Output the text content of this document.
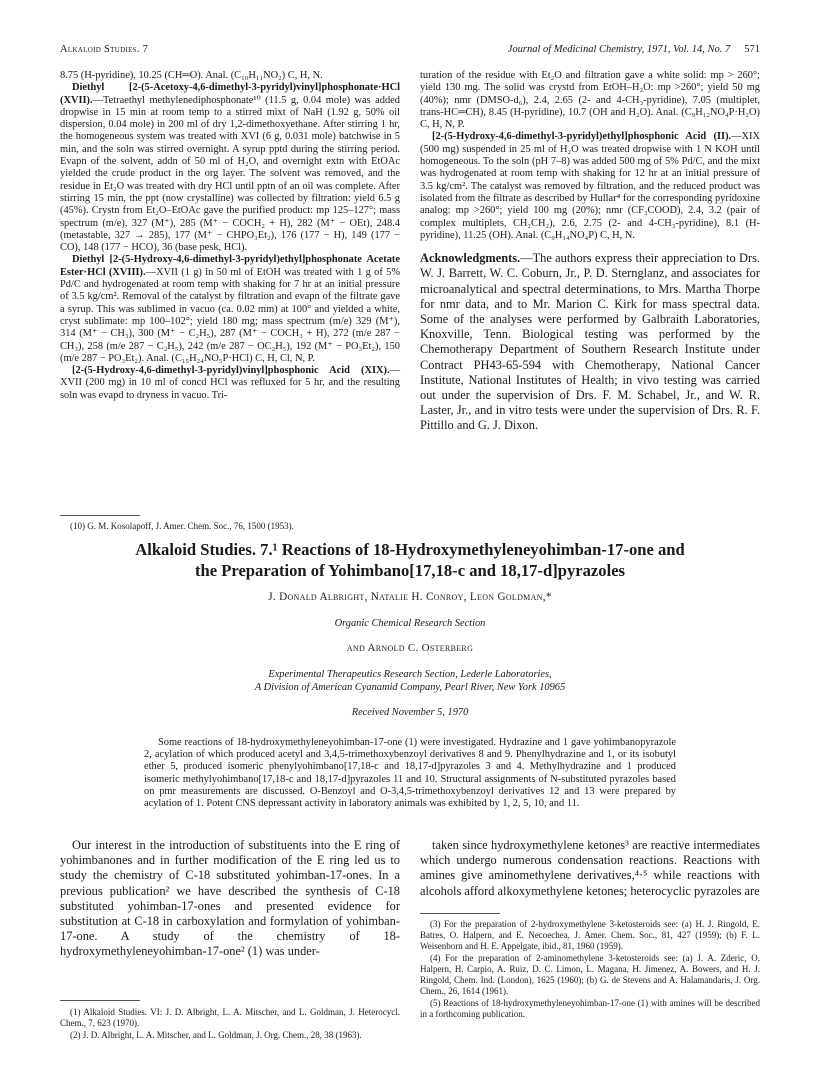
Alkaloid Studies. 7	Journal of Medicinal Chemistry, 1971, Vol. 14, No. 7 571

8.75 (H-pyridine), 10.25 (CH═O). Anal. (C₁₀H₁₁NO₂) C, H, N.

Diethyl [2-(5-Acetoxy-4,6-dimethyl-3-pyridyl)vinyl]phosphonate·HCl (XVII).—Tetraethyl methylenediphosphonate¹⁰ (11.5 g, 0.04 mole) was added dropwise in 15 min at room temp to a stirred mixt of NaH (1.92 g, 50% oil dispersion, 0.04 mole) in 200 ml of dry 1,2-dimethoxyethane. After stirring 1 hr, the homogeneous system was treated with XVI (6 g, 0.031 mole) batchwise in 5 min, and the soln was stirred overnight. A syrup pptd during the stirring period. Evapn of the solvent, addn of 50 ml of H₂O, and overnight extn with EtOAc yielded the crude product in the org layer. The solvent was removed, and the residue in Et₂O was treated with dry HCl until pptn of an oil was complete. After stirring 15 min, the ppt (now crystalline) was collected by filtration: yield 6.5 g (45%). Crystn from Et₂O–EtOAc gave the purified product: mp 125–127°; mass spectrum (m/e), 327 (M⁺), 285 (M⁺ − COCH₂ + H), 282 (M⁺ − OEt), 248.4 (metastable, 327 → 285), 177 (M⁺ − CHPO₃Et₂), 176 (177 − H), 149 (177 − CO), 148 (177 − HCO), 36 (base pesk, HCl).

Diethyl [2-(5-Hydroxy-4,6-dimethyl-3-pyridyl)ethyl]phosphonate Acetate Ester·HCl (XVIII).—XVII (1 g) in 50 ml of EtOH was treated with 1 g of 5% Pd/C and hydrogenated at room temp with shaking for 7 hr at an initial pressure of 3.5 kg/cm². Removal of the catalyst by filtration and evapn of the filtrate gave a syrup. This was sublimed in vacuo (ca. 0.02 mm) at 100° and yielded a white, cryst sublimate: mp 100–102°; yield 180 mg; mass spectrum (m/e) 329 (M⁺), 314 (M⁺ − CH₃), 300 (M⁺ − C₂H₅), 287 (M⁺ − COCH₃ + H), 272 (m/e 287 − CH₃), 258 (m/e 287 − C₂H₅), 242 (m/e 287 − OC₂H₅), 192 (M⁺ − PO₃Et₂), 150 (m/e 287 − PO₃Et₂). Anal. (C₁₅H₂₄NO₅P·HCl) C, H, Cl, N, P.

[2-(5-Hydroxy-4,6-dimethyl-3-pyridyl)vinyl]phosphonic Acid (XIX).—XVII (200 mg) in 10 ml of concd HCl was refluxed for 5 hr, and the resulting soln was evapd to dryness in vacuo. Tri-

turation of the residue with Et₂O and filtration gave a white solid: mp > 260°; yield 130 mg. The solid was crystd from EtOH–H₂O: mp >260°; yield 50 mg (40%); nmr (DMSO-d₆), 2.4, 2.65 (2- and 4-CH₃-pyridine), 7.05 (multiplet, trans-HC═CH), 8.45 (H-pyridine), 10.7 (OH and H₂O). Anal. (C₉H₁₂NO₄P·H₂O) C, H, N, P.

[2-(5-Hydroxy-4,6-dimethyl-3-pyridyl)ethyl]phosphonic Acid (II).—XIX (500 mg) suspended in 25 ml of H₂O was treated dropwise with 1 N KOH until homogeneous. To the soln (pH 7–8) was added 500 mg of 5% Pd/C, and the mixt was hydrogenated at room temp with shaking for 12 hr at an initial pressure of 3.5 kg/cm². The catalyst was removed by filtration, and the reduced product was isolated from the filtrate as described by Hullar⁴ for the corresponding pyridoxine analog: mp >260°; yield 100 mg (20%); nmr (CF₃COOD), 2.4, 3.2 (pair of complex multiplets, CH₂CH₂), 2.6, 2.75 (2- and 4-CH₃-pyridine), 8.1 (H-pyridine), 11.25 (OH). Anal. (C₉H₁₄NO₄P) C, H, N.

Acknowledgments.—The authors express their appreciation to Drs. W. J. Barrett, W. C. Coburn, Jr., P. D. Sternglanz, and associates for microanalytical and spectral determinations, to Mrs. Martha Thorpe for nmr data, and to Mr. Marion C. Kirk for mass spectral data. Some of the analyses were performed by Galbraith Laboratories, Knoxville, Tenn. Biological testing was performed by the Chemotherapy Department of Southern Research Institute under Contract PH43-65-594 with Chemotherapy, National Cancer Institute, National Institutes of Health; in vivo testing was carried out under the supervision of Drs. F. M. Schabel, Jr., and W. R. Laster, Jr., and in vitro tests were under the supervision of Drs. R. F. Pittillo and G. J. Dixon.

(10) G. M. Kosolapoff, J. Amer. Chem. Soc., 76, 1500 (1953).

Alkaloid Studies. 7.¹ Reactions of 18-Hydroxymethyleneyohimban-17-one and
the Preparation of Yohimbano[17,18-c and 18,17-d]pyrazoles
J. Donald Albright, Natalie H. Conroy, Leon Goldman,*
Organic Chemical Research Section
and Arnold C. Osterberg
Experimental Therapeutics Research Section, Lederle Laboratories,
A Division of American Cyanamid Company, Pearl River, New York 10965
Received November 5, 1970
Some reactions of 18-hydroxymethyleneyohimban-17-one (1) were investigated. Hydrazine and 1 gave yohimbanopyrazole 2, acylation of which produced acetyl and 3,4,5-trimethoxybenzoyl derivatives 8 and 9. Phenylhydrazine and 1, or its isobutyl ether 5, produced isomeric phenylyohimbano[17,18-c and 18,17-d]pyrazoles 3 and 4. Methylhydrazine and 1 produced isomeric methylyohimbano[17,18-c and 18,17-d]pyrazoles 11 and 10. Structural assignments of N-substituted pyrazoles based on pmr measurements are discussed. O-Benzoyl and O-3,4,5-trimethoxybenzoyl derivatives 12 and 13 were prepared by acylation of 1. Potent CNS depressant activity in laboratory animals was exhibited by 1, 2, 5, 10, and 11.

Our interest in the introduction of substituents into the E ring of yohimbanones and in further modification of the E ring led us to study the chemistry of C-18 substituted yohimban-17-ones. In a previous publication² we have described the synthesis of C-18 substituted yohimban-17-ones and presented evidence for substitution at C-18 in carboxylation and formylation of yohimban-17-one. A study of the chemistry of 18-hydroxymethyleneyohimban-17-one² (1) was under-

taken since hydroxymethylene ketones³ are reactive intermediates which undergo numerous condensation reactions. Reactions with amines give aminomethylene derivatives,⁴·⁵ while reactions with alcohols afford alkoxymethylene ketones; heterocyclic pyrazoles are

(1) Alkaloid Studies. VI: J. D. Albright, L. A. Mitscher, and L. Goldman, J. Heterocycl. Chem., 7, 623 (1970).

(2) J. D. Albright, L. A. Mitscher, and L. Goldman, J. Org. Chem., 28, 38 (1963).

(3) For the preparation of 2-hydroxymethylene 3-ketosteroids see: (a) H. J. Ringold, E. Batres, O. Halpern, and E. Necoechea, J. Amer. Chem. Soc., 81, 427 (1959); (b) F. L. Weisenborn and H. E. Appelgate, ibid., 81, 1960 (1959).

(4) For the preparation of 2-aminomethylene 3-ketosteroids see: (a) J. A. Zderic, O. Halpern, H. Carpio, A. Ruiz, D. C. Limon, L. Magana, H. Jimenez, A. Bowers, and H. J. Ringold, Chem. Ind. (London), 1625 (1960); (b) G. de Stevens and A. Halamandaris, J. Org. Chem., 26, 1614 (1961).

(5) Reactions of 18-hydroxymethyleneyohimban-17-one (1) with amines will be described in a forthcoming publication.
